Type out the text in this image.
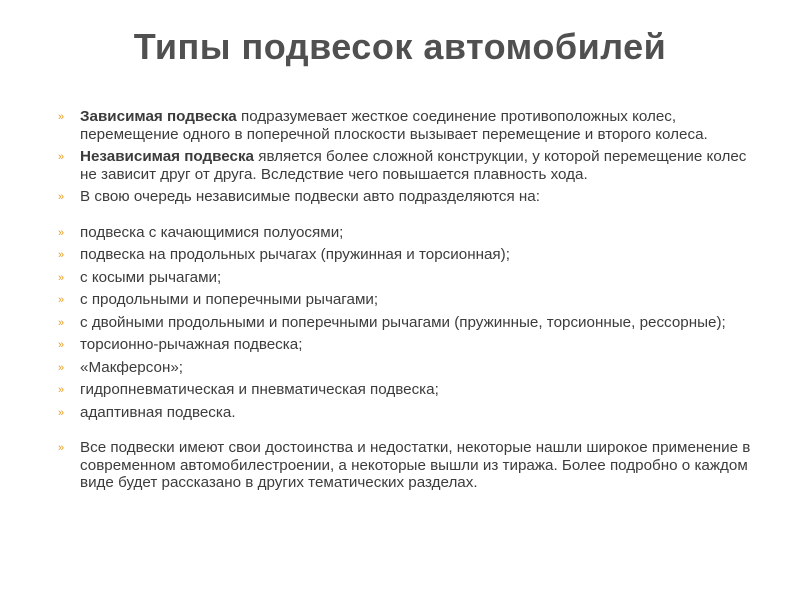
Типы подвесок автомобилей
» Зависимая подвеска подразумевает жесткое соединение противоположных колес, перемещение одного в поперечной плоскости вызывает перемещение и второго колеса.
» Независимая подвеска является более сложной конструкции, у которой перемещение колес не зависит друг от друга. Вследствие чего повышается плавность хода.
» В свою очередь независимые подвески авто подразделяются на:
» подвеска с качающимися полуосями;
» подвеска на продольных рычагах (пружинная и торсионная);
» с косыми рычагами;
» с продольными и поперечными рычагами;
» с двойными продольными и поперечными рычагами (пружинные, торсионные, рессорные);
» торсионно-рычажная подвеска;
» «Макферсон»;
» гидропневматическая и пневматическая подвеска;
» адаптивная подвеска.
» Все подвески имеют свои достоинства и недостатки, некоторые нашли широкое применение в современном автомобилестроении, а некоторые вышли из тиража. Более подробно о каждом виде будет рассказано в других тематических разделах.
